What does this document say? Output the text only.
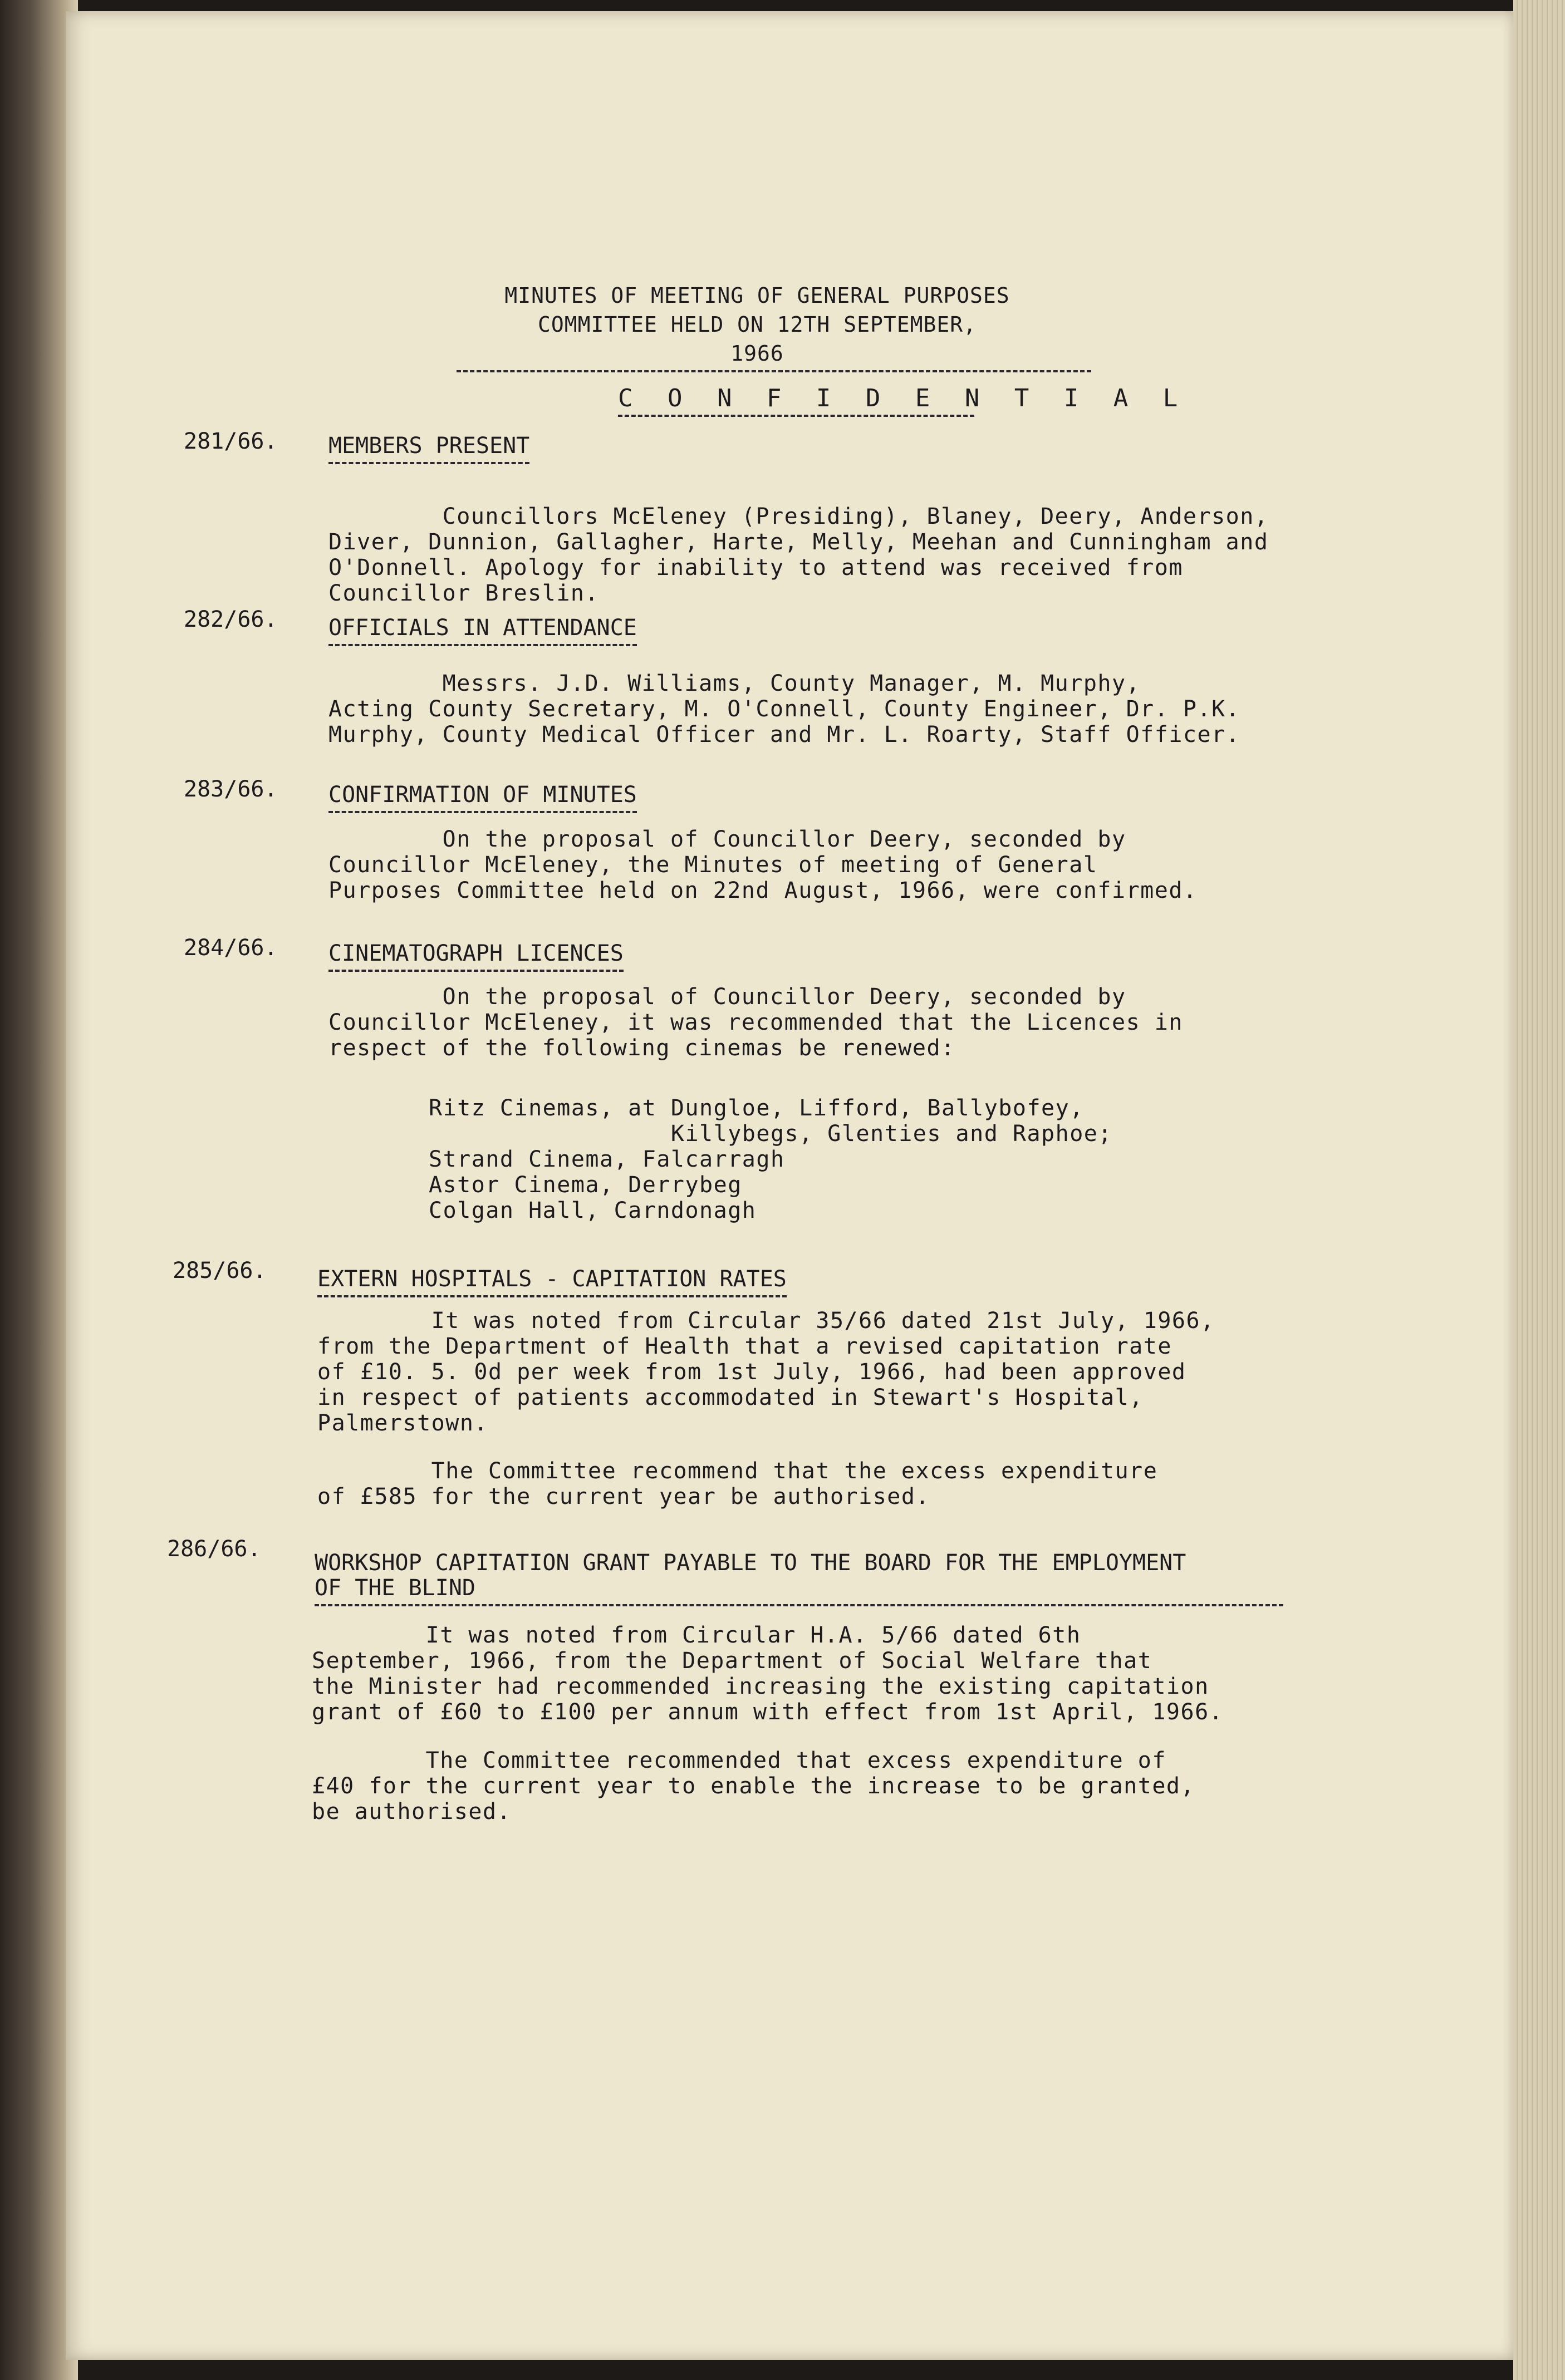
MINUTES OF MEETING OF GENERAL PURPOSES
COMMITTEE HELD ON 12TH SEPTEMBER,
1966
C O N F I D E N T I A L
281/66. MEMBERS PRESENT
Councillors McEleney (Presiding), Blaney, Deery, Anderson,
Diver, Dunnion, Gallagher, Harte, Melly, Meehan and Cunningham and
O'Donnell. Apology for inability to attend was received from
Councillor Breslin.
282/66. OFFICIALS IN ATTENDANCE
Messrs. J.D. Williams, County Manager, M. Murphy,
Acting County Secretary, M. O'Connell, County Engineer, Dr. P.K.
Murphy, County Medical Officer and Mr. L. Roarty, Staff Officer.
283/66. CONFIRMATION OF MINUTES
On the proposal of Councillor Deery, seconded by
Councillor McEleney, the Minutes of meeting of General
Purposes Committee held on 22nd August, 1966, were confirmed.
284/66. CINEMATOGRAPH LICENCES
On the proposal of Councillor Deery, seconded by
Councillor McEleney, it was recommended that the Licences in
respect of the following cinemas be renewed:
Ritz Cinemas, at Dungloe, Lifford, Ballybofey,
Killybegs, Glenties and Raphoe;
Strand Cinema, Falcarragh
Astor Cinema, Derrybeg
Colgan Hall, Carndonagh
285/66. EXTERN HOSPITALS - CAPITATION RATES
It was noted from Circular 35/66 dated 21st July, 1966,
from the Department of Health that a revised capitation rate
of £10. 5. 0d per week from 1st July, 1966, had been approved
in respect of patients accommodated in Stewart's Hospital,
Palmerstown.
The Committee recommend that the excess expenditure
of £585 for the current year be authorised.
286/66.
WORKSHOP CAPITATION GRANT PAYABLE TO THE BOARD FOR THE EMPLOYMENT
OF THE BLIND
It was noted from Circular H.A. 5/66 dated 6th
September, 1966, from the Department of Social Welfare that
the Minister had recommended increasing the existing capitation
grant of £60 to £100 per annum with effect from 1st April, 1966.
The Committee recommended that excess expenditure of
£40 for the current year to enable the increase to be granted,
be authorised.
